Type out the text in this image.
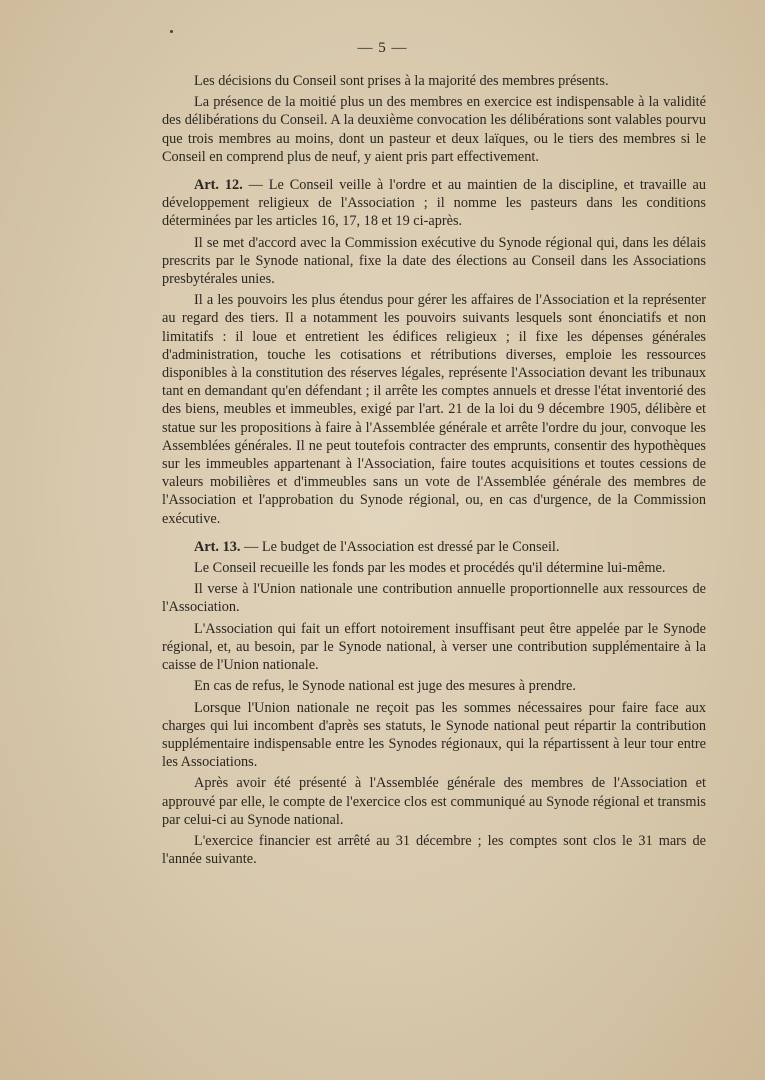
— 5 —

Les décisions du Conseil sont prises à la majorité des membres présents.

La présence de la moitié plus un des membres en exercice est indispensable à la validité des délibérations du Conseil. A la deuxième convocation les délibérations sont valables pourvu que trois membres au moins, dont un pasteur et deux laïques, ou le tiers des membres si le Conseil en comprend plus de neuf, y aient pris part effectivement.

Art. 12. — Le Conseil veille à l'ordre et au maintien de la discipline, et travaille au développement religieux de l'Association ; il nomme les pasteurs dans les conditions déterminées par les articles 16, 17, 18 et 19 ci-après.

Il se met d'accord avec la Commission exécutive du Synode régional qui, dans les délais prescrits par le Synode national, fixe la date des élections au Conseil dans les Associations presbytérales unies.

Il a les pouvoirs les plus étendus pour gérer les affaires de l'Association et la représenter au regard des tiers. Il a notamment les pouvoirs suivants lesquels sont énonciatifs et non limitatifs : il loue et entretient les édifices religieux ; il fixe les dépenses générales d'administration, touche les cotisations et rétributions diverses, emploie les ressources disponibles à la constitution des réserves légales, représente l'Association devant les tribunaux tant en demandant qu'en défendant ; il arrête les comptes annuels et dresse l'état inventorié des des biens, meubles et immeubles, exigé par l'art. 21 de la loi du 9 décembre 1905, délibère et statue sur les propositions à faire à l'Assemblée générale et arrête l'ordre du jour, convoque les Assemblées générales. Il ne peut toutefois contracter des emprunts, consentir des hypothèques sur les immeubles appartenant à l'Association, faire toutes acquisitions et toutes cessions de valeurs mobilières et d'immeubles sans un vote de l'Assemblée générale des membres de l'Association et l'approbation du Synode régional, ou, en cas d'urgence, de la Commission exécutive.

Art. 13. — Le budget de l'Association est dressé par le Conseil.

Le Conseil recueille les fonds par les modes et procédés qu'il détermine lui-même.

Il verse à l'Union nationale une contribution annuelle proportionnelle aux ressources de l'Association.

L'Association qui fait un effort notoirement insuffisant peut être appelée par le Synode régional, et, au besoin, par le Synode national, à verser une contribution supplémentaire à la caisse de l'Union nationale.

En cas de refus, le Synode national est juge des mesures à prendre.

Lorsque l'Union nationale ne reçoit pas les sommes nécessaires pour faire face aux charges qui lui incombent d'après ses statuts, le Synode national peut répartir la contribution supplémentaire indispensable entre les Synodes régionaux, qui la répartissent à leur tour entre les Associations.

Après avoir été présenté à l'Assemblée générale des membres de l'Association et approuvé par elle, le compte de l'exercice clos est communiqué au Synode régional et transmis par celui-ci au Synode national.

L'exercice financier est arrêté au 31 décembre ; les comptes sont clos le 31 mars de l'année suivante.
